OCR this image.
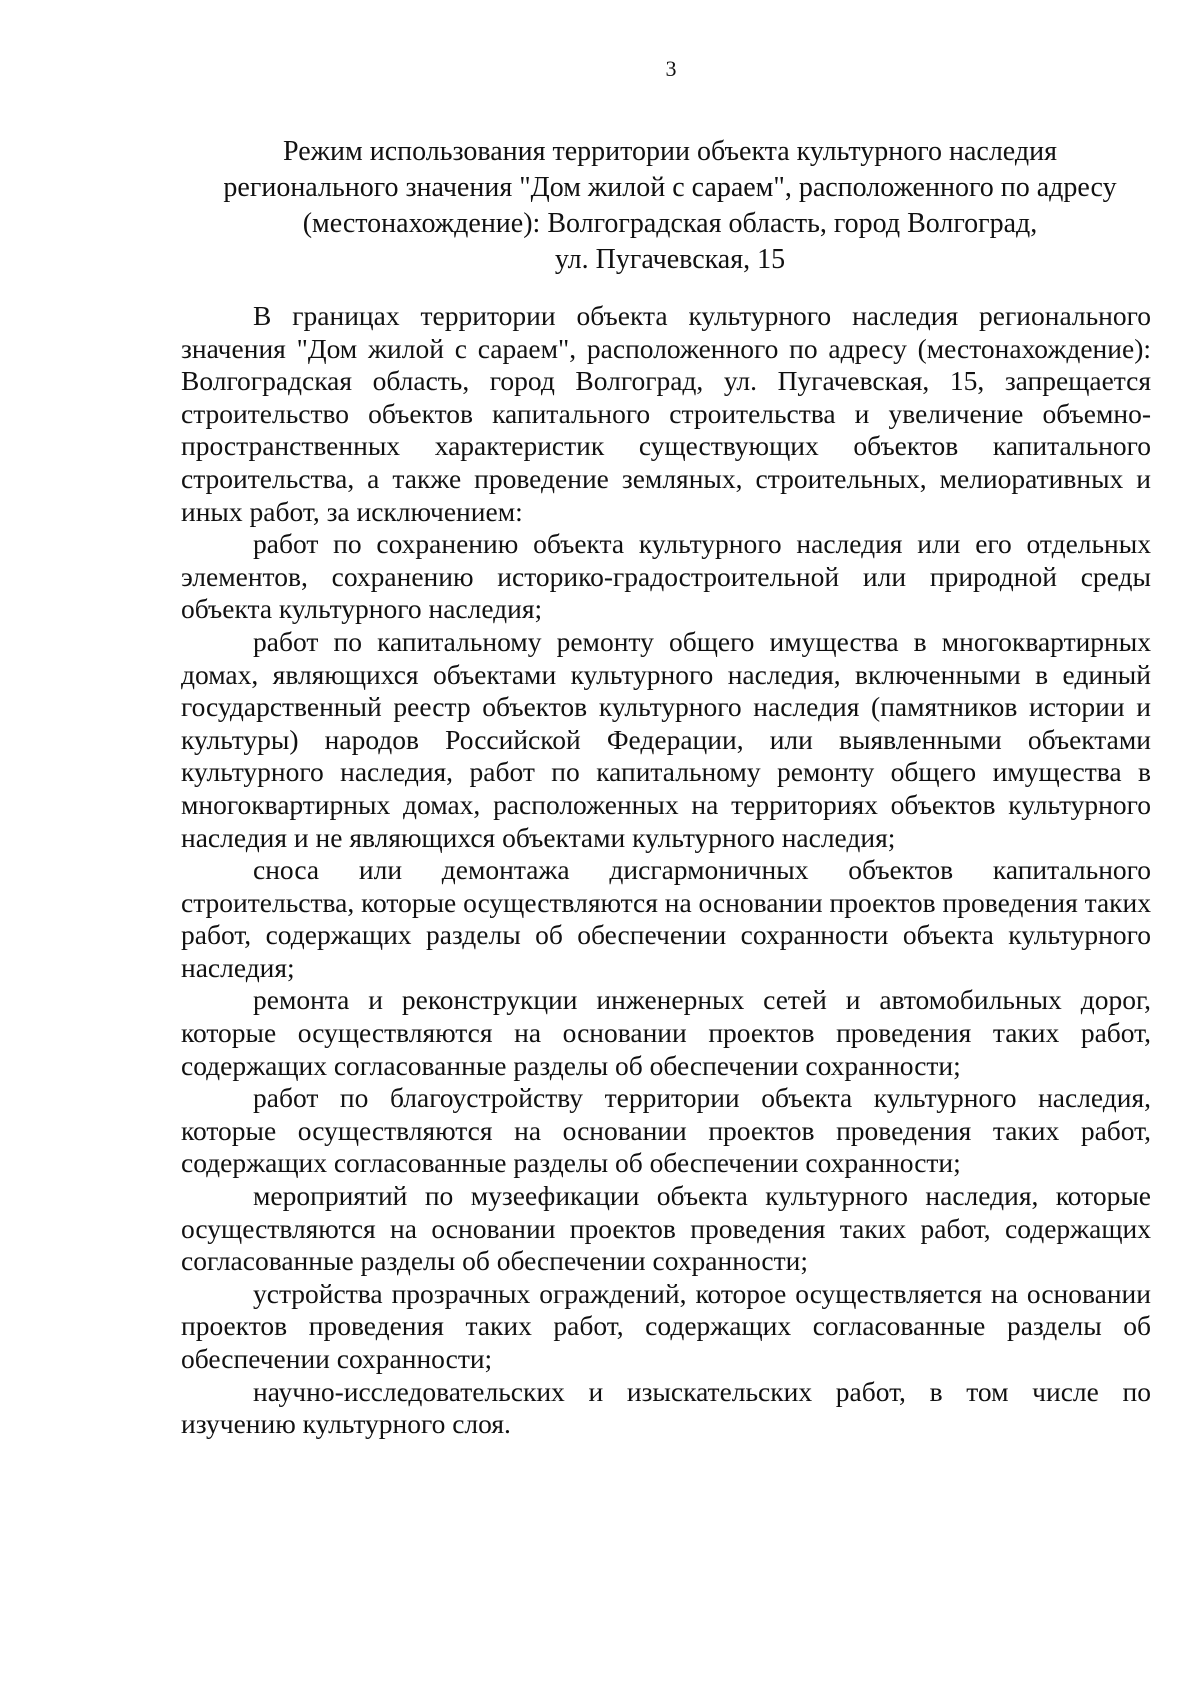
3
Режим использования территории объекта культурного наследия
регионального значения "Дом жилой с сараем", расположенного по адресу
(местонахождение): Волгоградская область, город Волгоград,
ул. Пугачевская, 15

В границах территории объекта культурного наследия регионального значения "Дом жилой с сараем", расположенного по адресу (местонахождение): Волгоградская область, город Волгоград, ул. Пугачевская, 15, запрещается строительство объектов капитального строительства и увеличение объемно-пространственных характеристик существующих объектов капитального строительства, а также проведение земляных, строительных, мелиоративных и иных работ, за исключением:

работ по сохранению объекта культурного наследия или его отдельных элементов, сохранению историко-градостроительной или природной среды объекта культурного наследия;

работ по капитальному ремонту общего имущества в многоквартирных домах, являющихся объектами культурного наследия, включенными в единый государственный реестр объектов культурного наследия (памятников истории и культуры) народов Российской Федерации, или выявленными объектами культурного наследия, работ по капитальному ремонту общего имущества в многоквартирных домах, расположенных на территориях объектов культурного наследия и не являющихся объектами культурного наследия;

сноса или демонтажа дисгармоничных объектов капитального строительства, которые осуществляются на основании проектов проведения таких работ, содержащих разделы об обеспечении сохранности объекта культурного наследия;

ремонта и реконструкции инженерных сетей и автомобильных дорог, которые осуществляются на основании проектов проведения таких работ, содержащих согласованные разделы об обеспечении сохранности;

работ по благоустройству территории объекта культурного наследия, которые осуществляются на основании проектов проведения таких работ, содержащих согласованные разделы об обеспечении сохранности;

мероприятий по музеефикации объекта культурного наследия, которые осуществляются на основании проектов проведения таких работ, содержащих согласованные разделы об обеспечении сохранности;

устройства прозрачных ограждений, которое осуществляется на основании проектов проведения таких работ, содержащих согласованные разделы об обеспечении сохранности;

научно-исследовательских и изыскательских работ, в том числе по изучению культурного слоя.
